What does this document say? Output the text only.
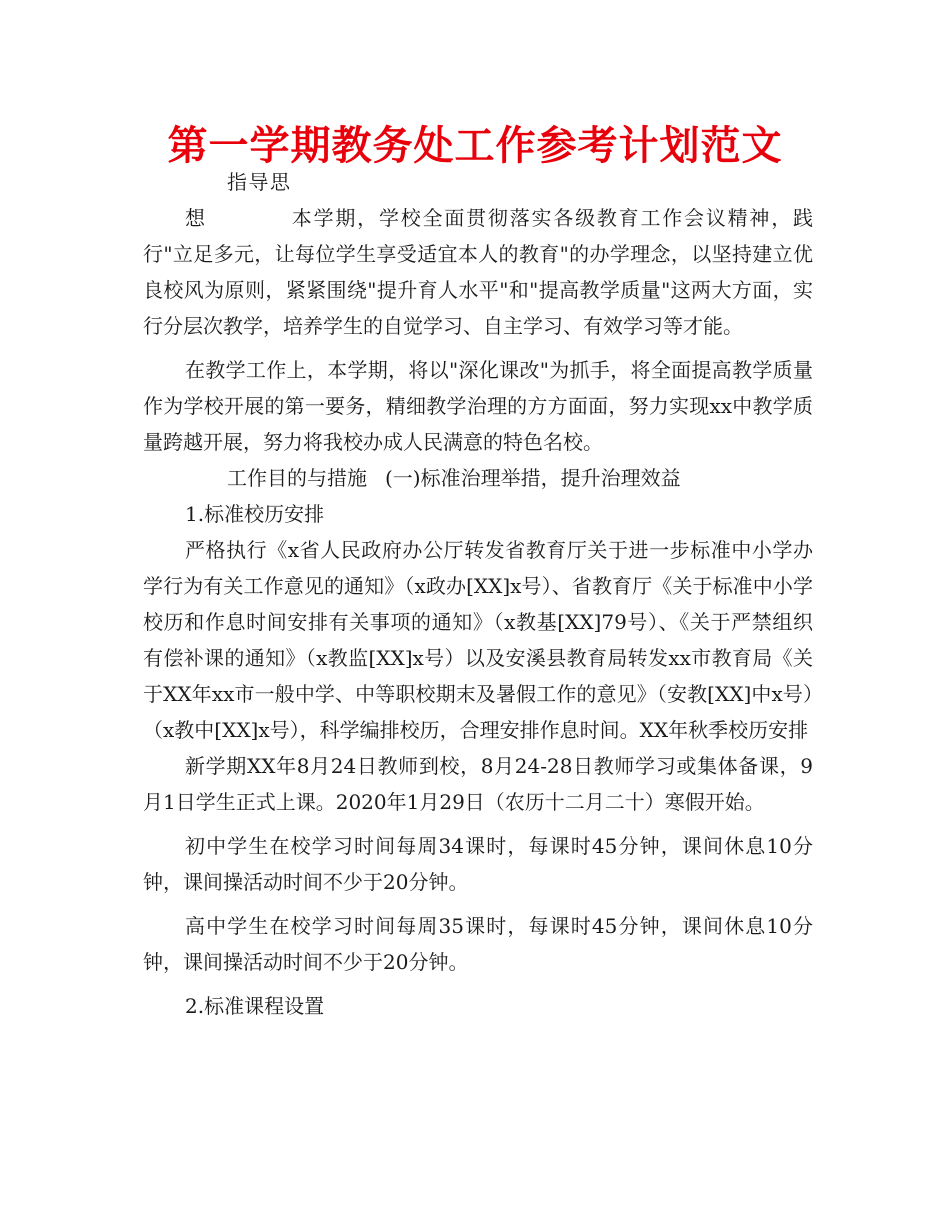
第一学期教务处工作参考计划范文

指导思想	本学期，学校全面贯彻落实各级教育工作会议精神，践行"立足多元，让每位学生享受适宜本人的教育"的办学理念，以坚持建立优良校风为原则，紧紧围绕"提升育人水平"和"提高教学质量"这两大方面，实行分层次教学，培养学生的自觉学习、自主学习、有效学习等才能。

在教学工作上，本学期，将以"深化课改"为抓手，将全面提高教学质量作为学校开展的第一要务，精细教学治理的方方面面，努力实现xx中教学质量跨越开展，努力将我校办成人民满意的特色名校。

工作目的与措施 (一)标准治理举措，提升治理效益

1.标准校历安排

严格执行《x省人民政府办公厅转发省教育厅关于进一步标准中小学办学行为有关工作意见的通知》（x政办[XX]x号）、省教育厅《关于标准中小学校历和作息时间安排有关事项的通知》（x教基[XX]79号）、《关于严禁组织有偿补课的通知》（x教监[XX]x号）以及安溪县教育局转发xx市教育局《关于XX年xx市一般中学、中等职校期末及暑假工作的意见》（安教[XX]中x号）（x教中[XX]x号），科学编排校历，合理安排作息时间。XX年秋季校历安排

新学期XX年8月24日教师到校，8月24-28日教师学习或集体备课，9月1日学生正式上课。2020年1月29日（农历十二月二十）寒假开始。

初中学生在校学习时间每周34课时，每课时45分钟，课间休息10分钟，课间操活动时间不少于20分钟。

高中学生在校学习时间每周35课时，每课时45分钟，课间休息10分钟，课间操活动时间不少于20分钟。

2.标准课程设置
